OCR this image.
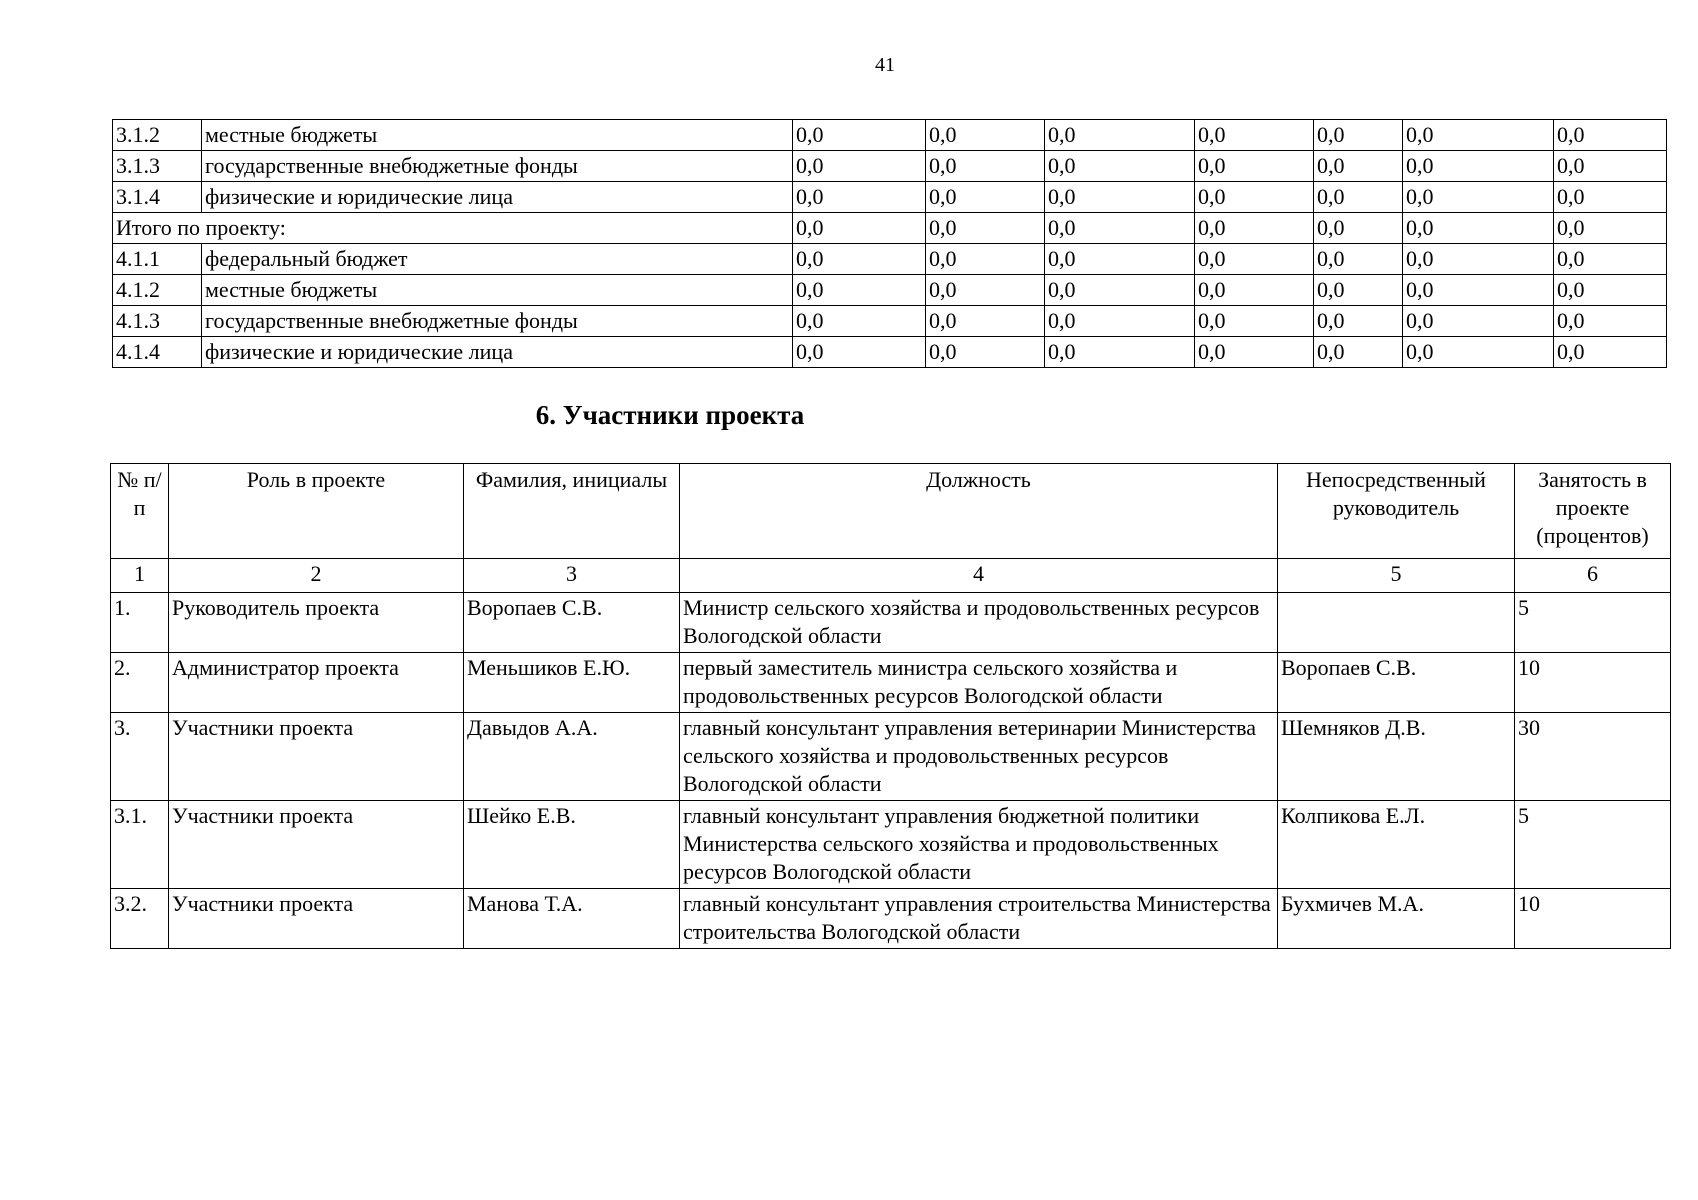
41
3.1.2	местные бюджеты	0,0	0,0	0,0	0,0	0,0	0,0	0,0
3.1.3	государственные внебюджетные фонды	0,0	0,0	0,0	0,0	0,0	0,0	0,0
3.1.4	физические и юридические лица	0,0	0,0	0,0	0,0	0,0	0,0	0,0
Итого по проекту:		0,0	0,0	0,0	0,0	0,0	0,0	0,0
4.1.1	федеральный бюджет	0,0	0,0	0,0	0,0	0,0	0,0	0,0
4.1.2	местные бюджеты	0,0	0,0	0,0	0,0	0,0	0,0	0,0
4.1.3	государственные внебюджетные фонды	0,0	0,0	0,0	0,0	0,0	0,0	0,0
4.1.4	физические и юридические лица	0,0	0,0	0,0	0,0	0,0	0,0	0,0
6. Участники проекта
№ п/п	Роль в проекте	Фамилия, инициалы	Должность	Непосредственный руководитель	Занятость в проекте (процентов)
1	2	3	4	5	6
1.	Руководитель проекта	Воропаев С.В.	Министр сельского хозяйства и продовольственных ресурсов Вологодской области		5
2.	Администратор проекта	Меньшиков Е.Ю.	первый заместитель министра сельского хозяйства и продовольственных ресурсов Вологодской области	Воропаев С.В.	10
3.	Участники проекта	Давыдов А.А.	главный консультант управления ветеринарии Министерства сельского хозяйства и продовольственных ресурсов Вологодской области	Шемняков Д.В.	30
3.1.	Участники проекта	Шейко Е.В.	главный консультант управления бюджетной политики Министерства сельского хозяйства и продовольственных ресурсов Вологодской области	Колпикова Е.Л.	5
3.2.	Участники проекта	Манова Т.А.	главный консультант управления строительства Министерства строительства Вологодской области	Бухмичев М.А.	10
